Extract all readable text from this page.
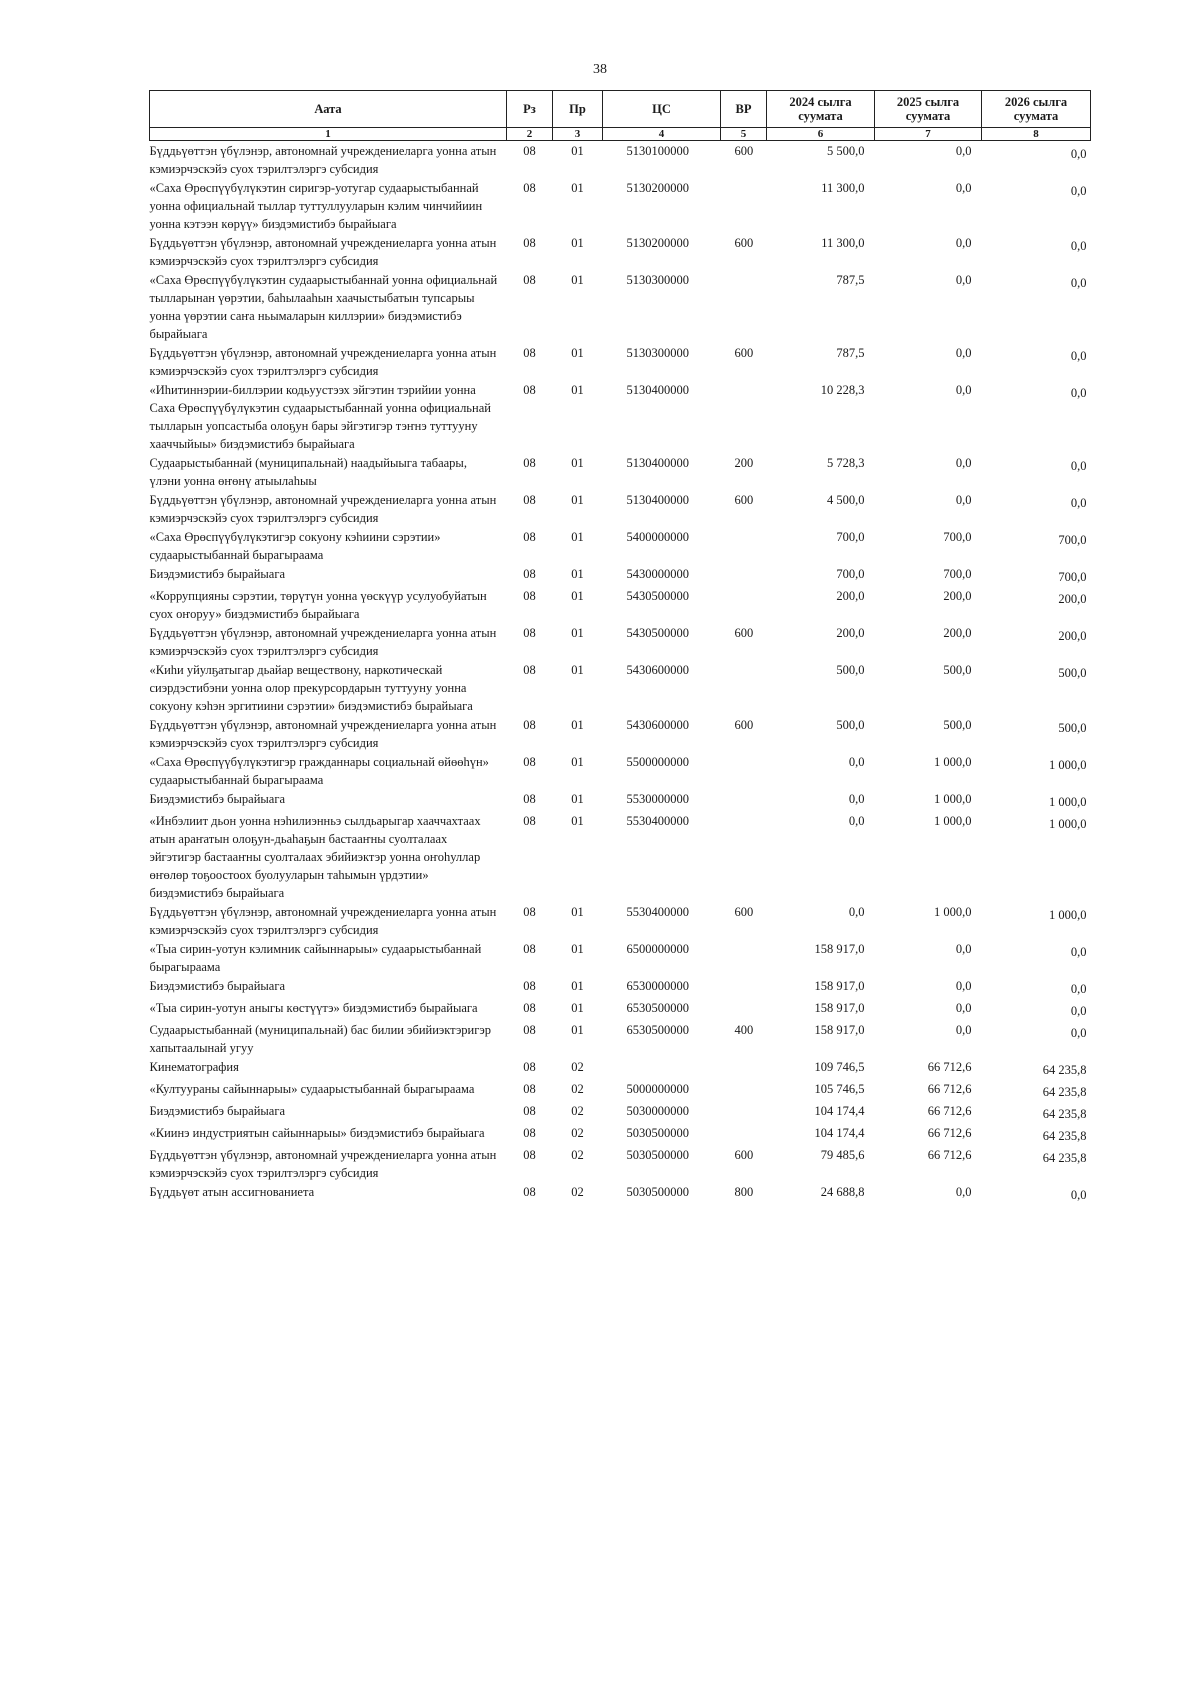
38
Аата	Рз	Пр	ЦС	ВР	2024 сылга суумата	2025 сылга суумата	2026 сылга суумата
1	2	3	4	5	6	7	8
Бүддьүөттэн үбүлэнэр, автономнай учреждениеларга уонна атын кэмиэрчэскэйэ суох тэрилтэлэргэ субсидия	08	01	5130100000	600	5 500,0	0,0	0,0
«Саха Өрөспүүбүлүкэтин сиригэр-уотугар судаарыстыбаннай уонна официальнай тыллар туттуллууларын кэлим чинчийиин уонна кэтээн көрүү» биэдэмистибэ бырайыага	08	01	5130200000		11 300,0	0,0	0,0
Бүддьүөттэн үбүлэнэр, автономнай учреждениеларга уонна атын кэмиэрчэскэйэ суох тэрилтэлэргэ субсидия	08	01	5130200000	600	11 300,0	0,0	0,0
«Саха Өрөспүүбүлүкэтин судаарыстыбаннай уонна официальнай тылларынан үөрэтии, баһылааһын хаачыстыбатын тупсарыы уонна үөрэтии саҥа ньымаларын киллэрии» биэдэмистибэ бырайыага	08	01	5130300000		787,5	0,0	0,0
Бүддьүөттэн үбүлэнэр, автономнай учреждениеларга уонна атын кэмиэрчэскэйэ суох тэрилтэлэргэ субсидия	08	01	5130300000	600	787,5	0,0	0,0
«Иһитиннэрии-биллэрии кодьуустээх эйгэтин тэрийии уонна Саха Өрөспүүбүлүкэтин судаарыстыбаннай уонна официальнай тылларын уопсастыба олоҕун бары эйгэтигэр тэҥнэ туттууну хааччыйыы» биэдэмистибэ бырайыага	08	01	5130400000		10 228,3	0,0	0,0
Судаарыстыбаннай (муниципальнай) наадыйыыга табаары, үлэни уонна өҥөнү атыылаһыы	08	01	5130400000	200	5 728,3	0,0	0,0
Бүддьүөттэн үбүлэнэр, автономнай учреждениеларга уонна атын кэмиэрчэскэйэ суох тэрилтэлэргэ субсидия	08	01	5130400000	600	4 500,0	0,0	0,0
«Саха Өрөспүүбүлүкэтигэр сокуону кэһиини сэрэтии» судаарыстыбаннай бырагыраама	08	01	5400000000		700,0	700,0	700,0
Биэдэмистибэ бырайыага	08	01	5430000000		700,0	700,0	700,0
«Коррупцияны сэрэтии, төрүтүн уонна үөскүүр усулуобуйатын суох оҥоруу» биэдэмистибэ бырайыага	08	01	5430500000		200,0	200,0	200,0
Бүддьүөттэн үбүлэнэр, автономнай учреждениеларга уонна атын кэмиэрчэскэйэ суох тэрилтэлэргэ субсидия	08	01	5430500000	600	200,0	200,0	200,0
«Киһи уйулҕатыгар дьайар веществону, наркотическай сиэрдэстибэни уонна олор прекурсордарын туттууну уонна сокуону кэһэн эргитиини сэрэтии» биэдэмистибэ бырайыага	08	01	5430600000		500,0	500,0	500,0
Бүддьүөттэн үбүлэнэр, автономнай учреждениеларга уонна атын кэмиэрчэскэйэ суох тэрилтэлэргэ субсидия	08	01	5430600000	600	500,0	500,0	500,0
«Саха Өрөспүүбүлүкэтигэр гражданнары социальнай өйөөһүн» судаарыстыбаннай бырагыраама	08	01	5500000000		0,0	1 000,0	1 000,0
Биэдэмистибэ бырайыага	08	01	5530000000		0,0	1 000,0	1 000,0
«Инбэлиит дьон уонна нэһилиэнньэ сылдьарыгар хааччахтаах атын араҥатын олоҕун-дьаһаҕын бастааҥны суолталаах эйгэтигэр бастааҥны суолталаах эбийиэктэр уонна оҥоһуллар өҥөлөр тоҕоостоох буолууларын таһымын үрдэтии» биэдэмистибэ бырайыага	08	01	5530400000		0,0	1 000,0	1 000,0
Бүддьүөттэн үбүлэнэр, автономнай учреждениеларга уонна атын кэмиэрчэскэйэ суох тэрилтэлэргэ субсидия	08	01	5530400000	600	0,0	1 000,0	1 000,0
«Тыа сирин-уотун кэлимник сайыннарыы» судаарыстыбаннай бырагыраама	08	01	6500000000		158 917,0	0,0	0,0
Биэдэмистибэ бырайыага	08	01	6530000000		158 917,0	0,0	0,0
«Тыа сирин-уотун аныгы көстүүтэ» биэдэмистибэ бырайыага	08	01	6530500000		158 917,0	0,0	0,0
Судаарыстыбаннай (муниципальнай) бас билии эбийиэктэригэр хапытаалынай угуу	08	01	6530500000	400	158 917,0	0,0	0,0
Кинематография	08	02			109 746,5	66 712,6	64 235,8
«Култуураны сайыннарыы» судаарыстыбаннай бырагыраама	08	02	5000000000		105 746,5	66 712,6	64 235,8
Биэдэмистибэ бырайыага	08	02	5030000000		104 174,4	66 712,6	64 235,8
«Киинэ индустриятын сайыннарыы» биэдэмистибэ бырайыага	08	02	5030500000		104 174,4	66 712,6	64 235,8
Бүддьүөттэн үбүлэнэр, автономнай учреждениеларга уонна атын кэмиэрчэскэйэ суох тэрилтэлэргэ субсидия	08	02	5030500000	600	79 485,6	66 712,6	64 235,8
Бүддьүөт атын ассигнованиета	08	02	5030500000	800	24 688,8	0,0	0,0
